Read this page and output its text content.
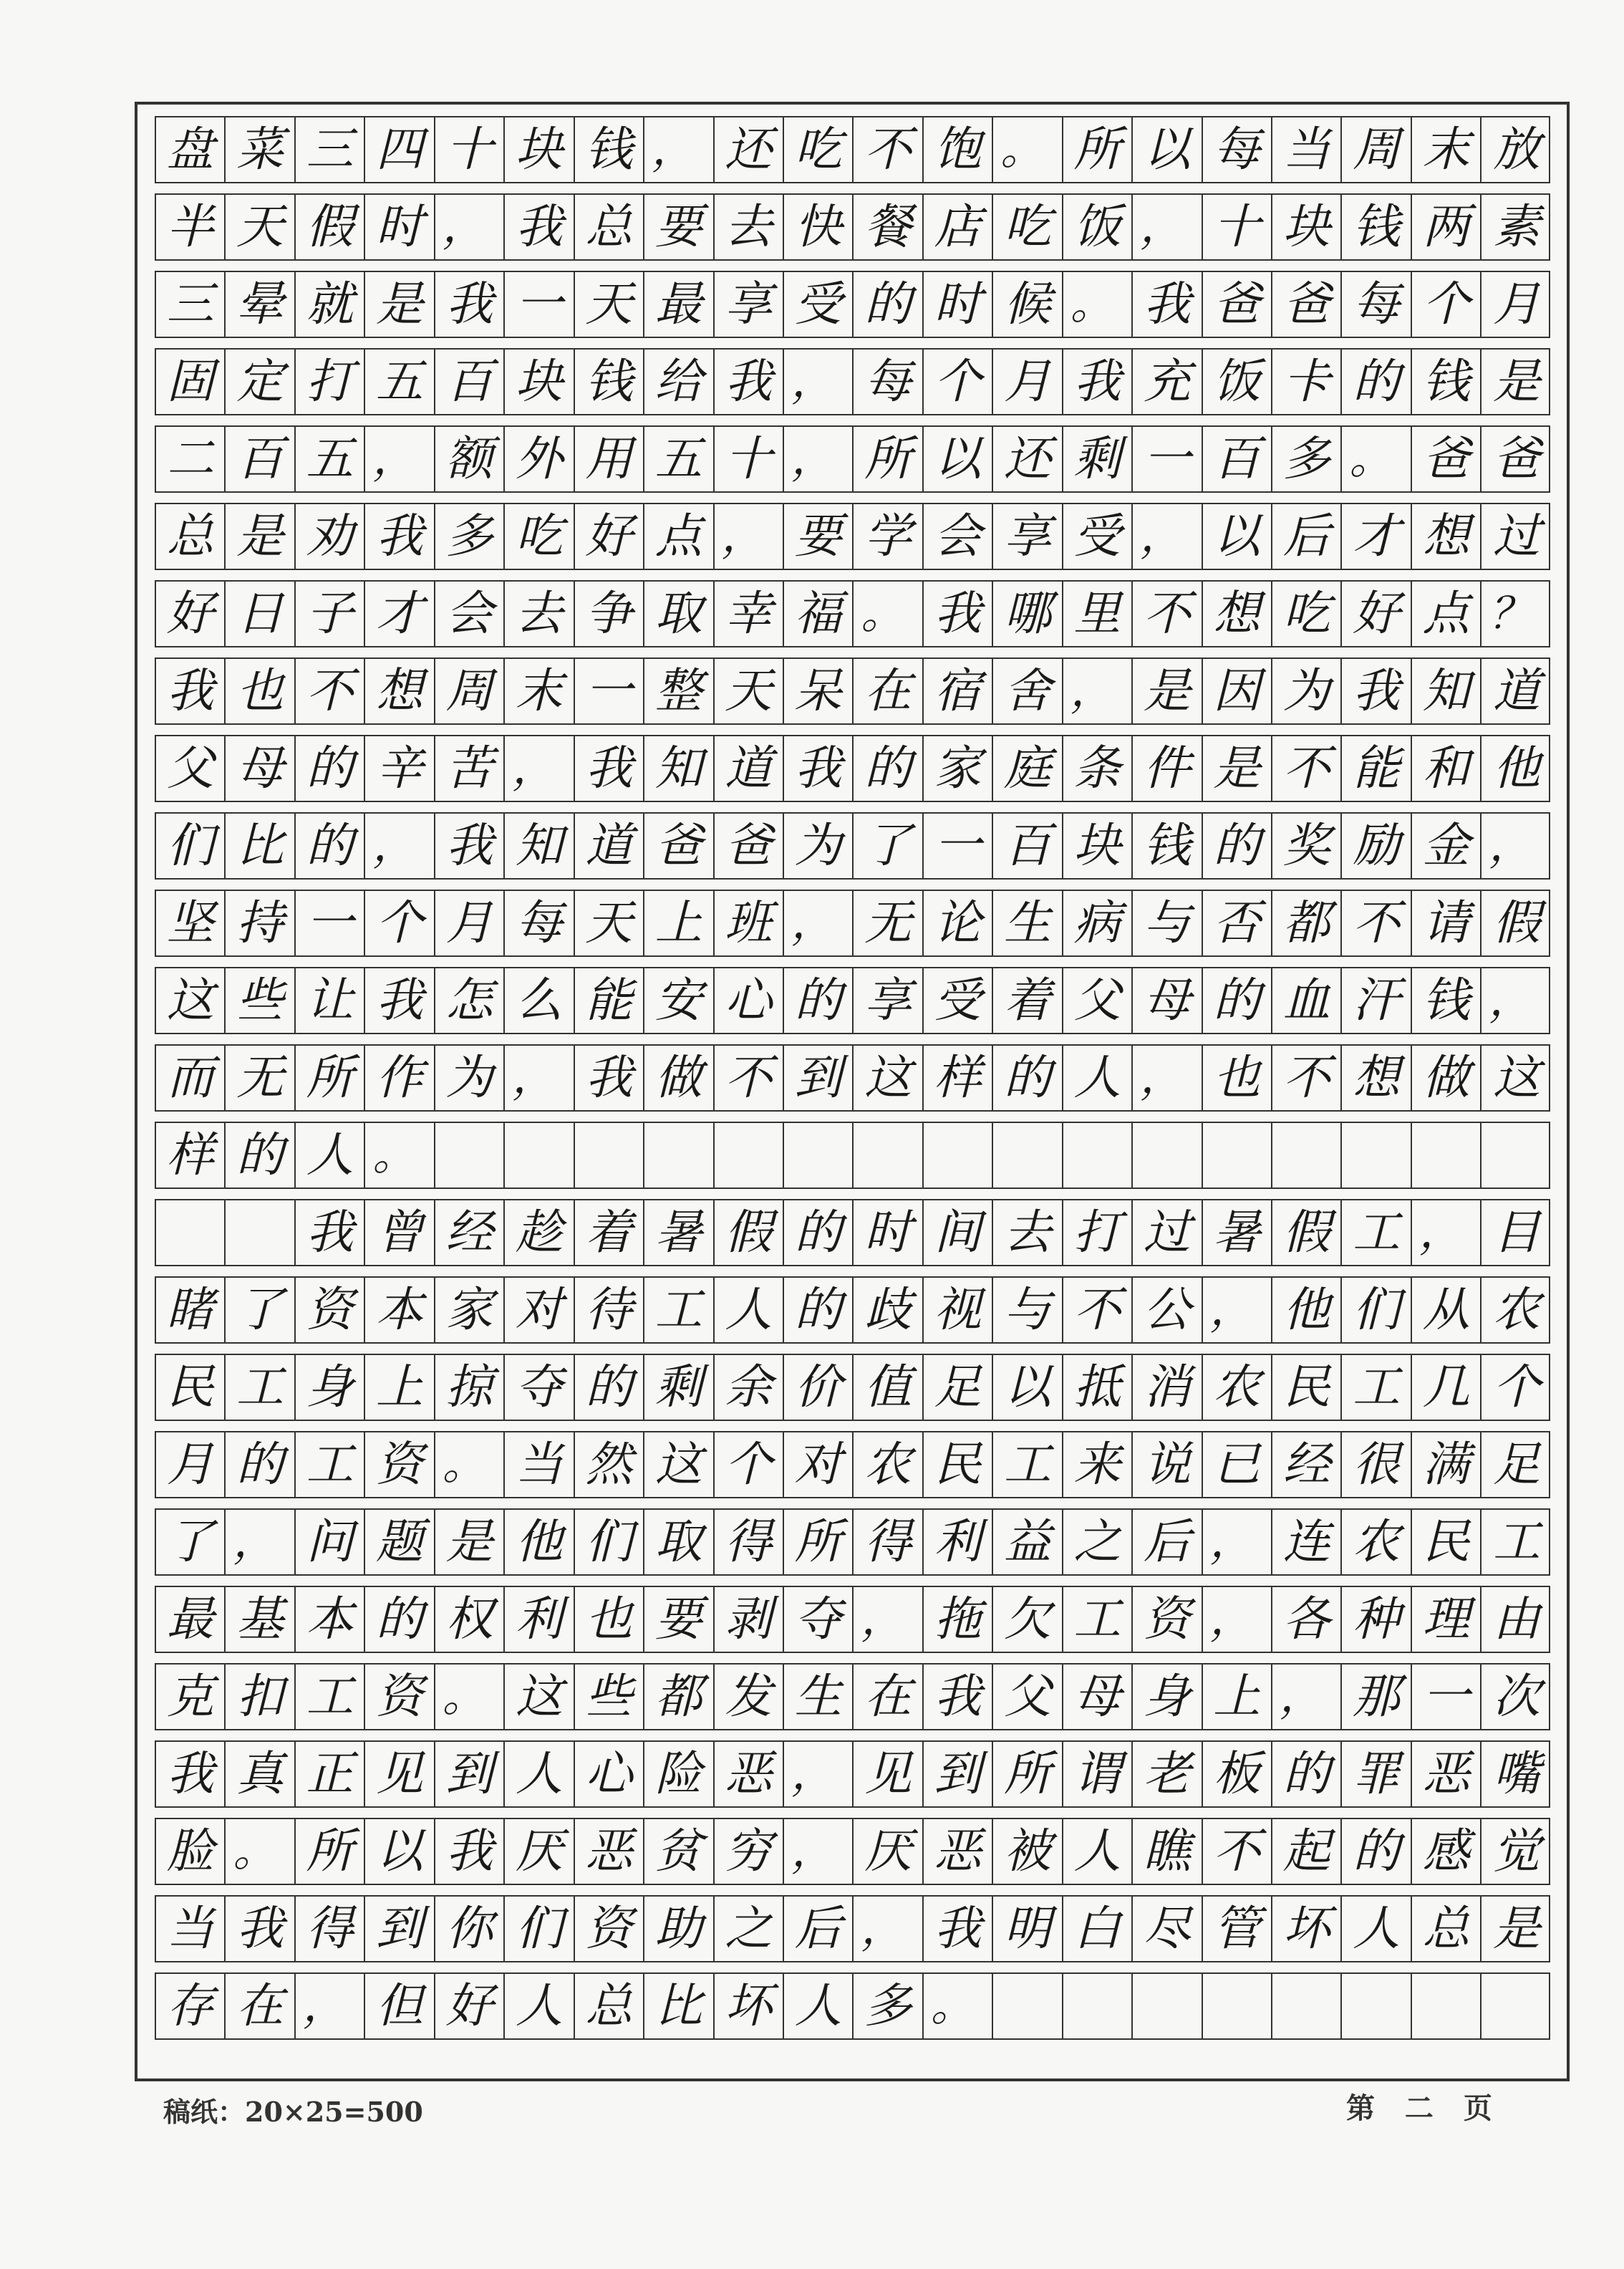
盘 菜 三 四 十 块 钱 ， 还 吃 不 饱 。 所 以 每 当 周 末 放
半 天 假 时 ， 我 总 要 去 快 餐 店 吃 饭 ， 十 块 钱 两 素
三 晕 就 是 我 一 天 最 享 受 的 时 候 。 我 爸 爸 每 个 月
固 定 打 五 百 块 钱 给 我 ， 每 个 月 我 充 饭 卡 的 钱 是
二 百 五 ， 额 外 用 五 十 ， 所 以 还 剩 一 百 多 。 爸 爸
总 是 劝 我 多 吃 好 点 ， 要 学 会 享 受 ， 以 后 才 想 过
好 日 子 才 会 去 争 取 幸 福 。 我 哪 里 不 想 吃 好 点 ？
我 也 不 想 周 末 一 整 天 呆 在 宿 舍 ， 是 因 为 我 知 道
父 母 的 辛 苦 ， 我 知 道 我 的 家 庭 条 件 是 不 能 和 他
们 比 的 ， 我 知 道 爸 爸 为 了 一 百 块 钱 的 奖 励 金 ，
坚 持 一 个 月 每 天 上 班 ， 无 论 生 病 与 否 都 不 请 假
这 些 让 我 怎 么 能 安 心 的 享 受 着 父 母 的 血 汗 钱 ，
而 无 所 作 为 ， 我 做 不 到 这 样 的 人 ， 也 不 想 做 这
样 的 人 。
我 曾 经 趁 着 暑 假 的 时 间 去 打 过 暑 假 工 ， 目
睹 了 资 本 家 对 待 工 人 的 歧 视 与 不 公 ， 他 们 从 农
民 工 身 上 掠 夺 的 剩 余 价 值 足 以 抵 消 农 民 工 几 个
月 的 工 资 。 当 然 这 个 对 农 民 工 来 说 已 经 很 满 足
了 ， 问 题 是 他 们 取 得 所 得 利 益 之 后 ， 连 农 民 工
最 基 本 的 权 利 也 要 剥 夺 ， 拖 欠 工 资 ， 各 种 理 由
克 扣 工 资 。 这 些 都 发 生 在 我 父 母 身 上 ， 那 一 次
我 真 正 见 到 人 心 险 恶 ， 见 到 所 谓 老 板 的 罪 恶 嘴
脸 。 所 以 我 厌 恶 贫 穷 ， 厌 恶 被 人 瞧 不 起 的 感 觉
当 我 得 到 你 们 资 助 之 后 ， 我 明 白 尽 管 坏 人 总 是
存 在 ， 但 好 人 总 比 坏 人 多 。
稿纸：20×25=500	第 二 页
